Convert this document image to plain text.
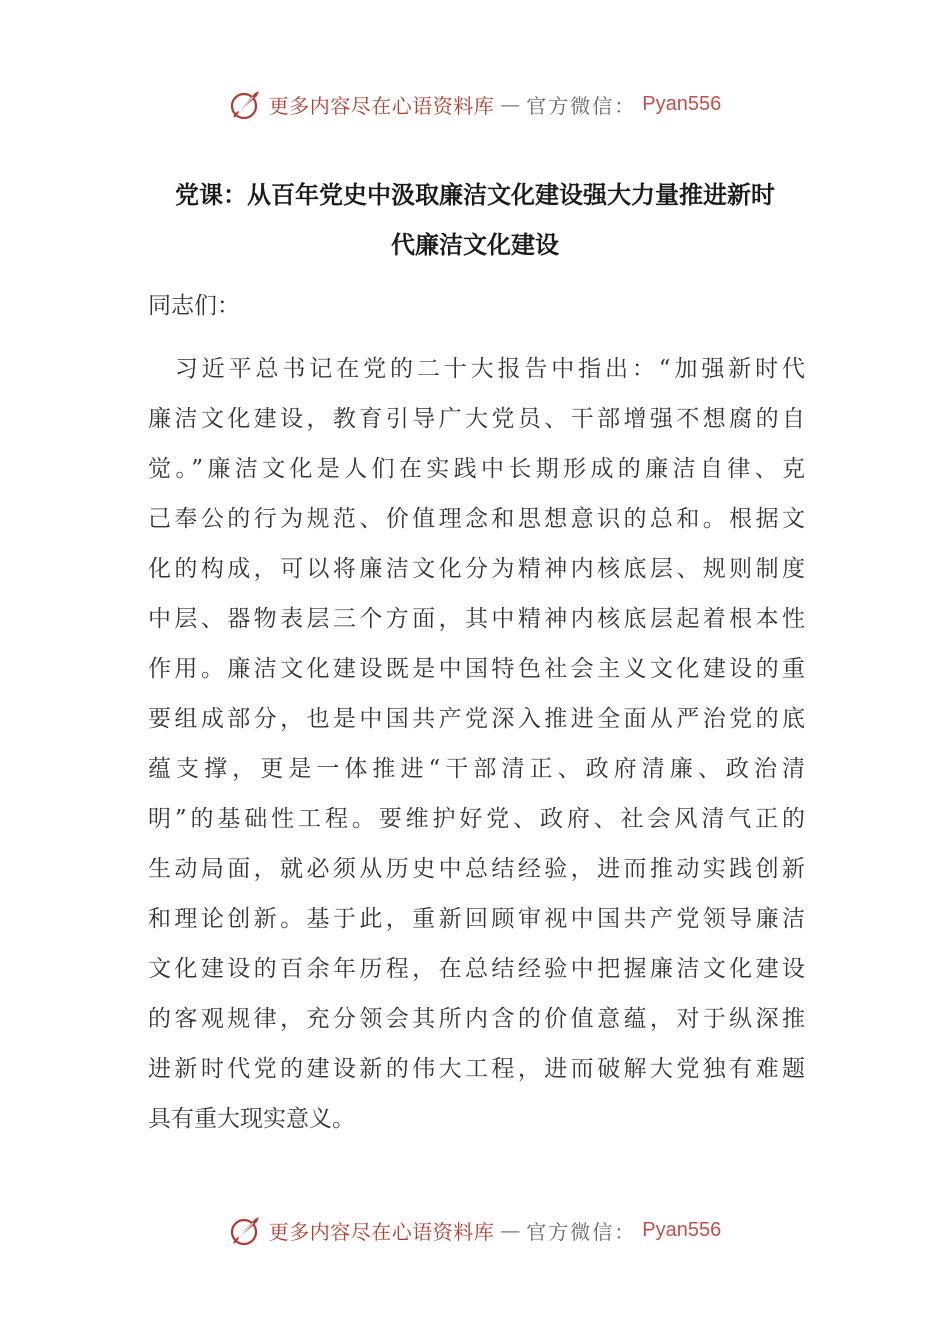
更多内容尽在心语资料库 — 官方微信： Pyan556
党课：从百年党史中汲取廉洁文化建设强大力量推进新时
代廉洁文化建设

同志们：

　习近平总书记在党的二十大报告中指出：“加强新时代
廉洁文化建设，教育引导广大党员、干部增强不想腐的自
觉。”廉洁文化是人们在实践中长期形成的廉洁自律、克
己奉公的行为规范、价值理念和思想意识的总和。根据文
化的构成，可以将廉洁文化分为精神内核底层、规则制度
中层、器物表层三个方面，其中精神内核底层起着根本性
作用。廉洁文化建设既是中国特色社会主义文化建设的重
要组成部分，也是中国共产党深入推进全面从严治党的底
蕴支撑，更是一体推进“干部清正、政府清廉、政治清
明”的基础性工程。要维护好党、政府、社会风清气正的
生动局面，就必须从历史中总结经验，进而推动实践创新
和理论创新。基于此，重新回顾审视中国共产党领导廉洁
文化建设的百余年历程，在总结经验中把握廉洁文化建设
的客观规律，充分领会其所内含的价值意蕴，对于纵深推
进新时代党的建设新的伟大工程，进而破解大党独有难题
具有重大现实意义。
更多内容尽在心语资料库 — 官方微信： Pyan556
